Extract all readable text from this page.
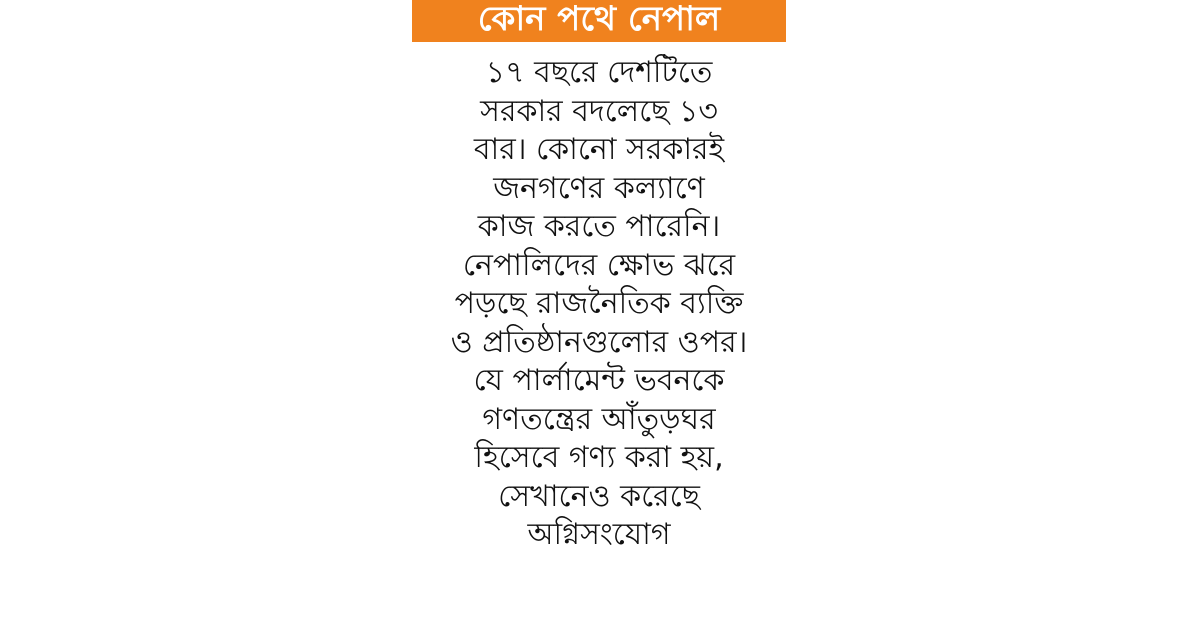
কোন পথে নেপাল
১৭ বছরে দেশটিতে
সরকার বদলেছে ১৩
বার। কোনো সরকারই
জনগণের কল্যাণে
কাজ করতে পারেনি।
নেপালিদের ক্ষোভ ঝরে
পড়ছে রাজনৈতিক ব্যক্তি
ও প্রতিষ্ঠানগুলোর ওপর।
যে পার্লামেন্ট ভবনকে
গণতন্ত্রের আঁতুড়ঘর
হিসেবে গণ্য করা হয়,
সেখানেও করেছে
অগ্নিসংযোগ
